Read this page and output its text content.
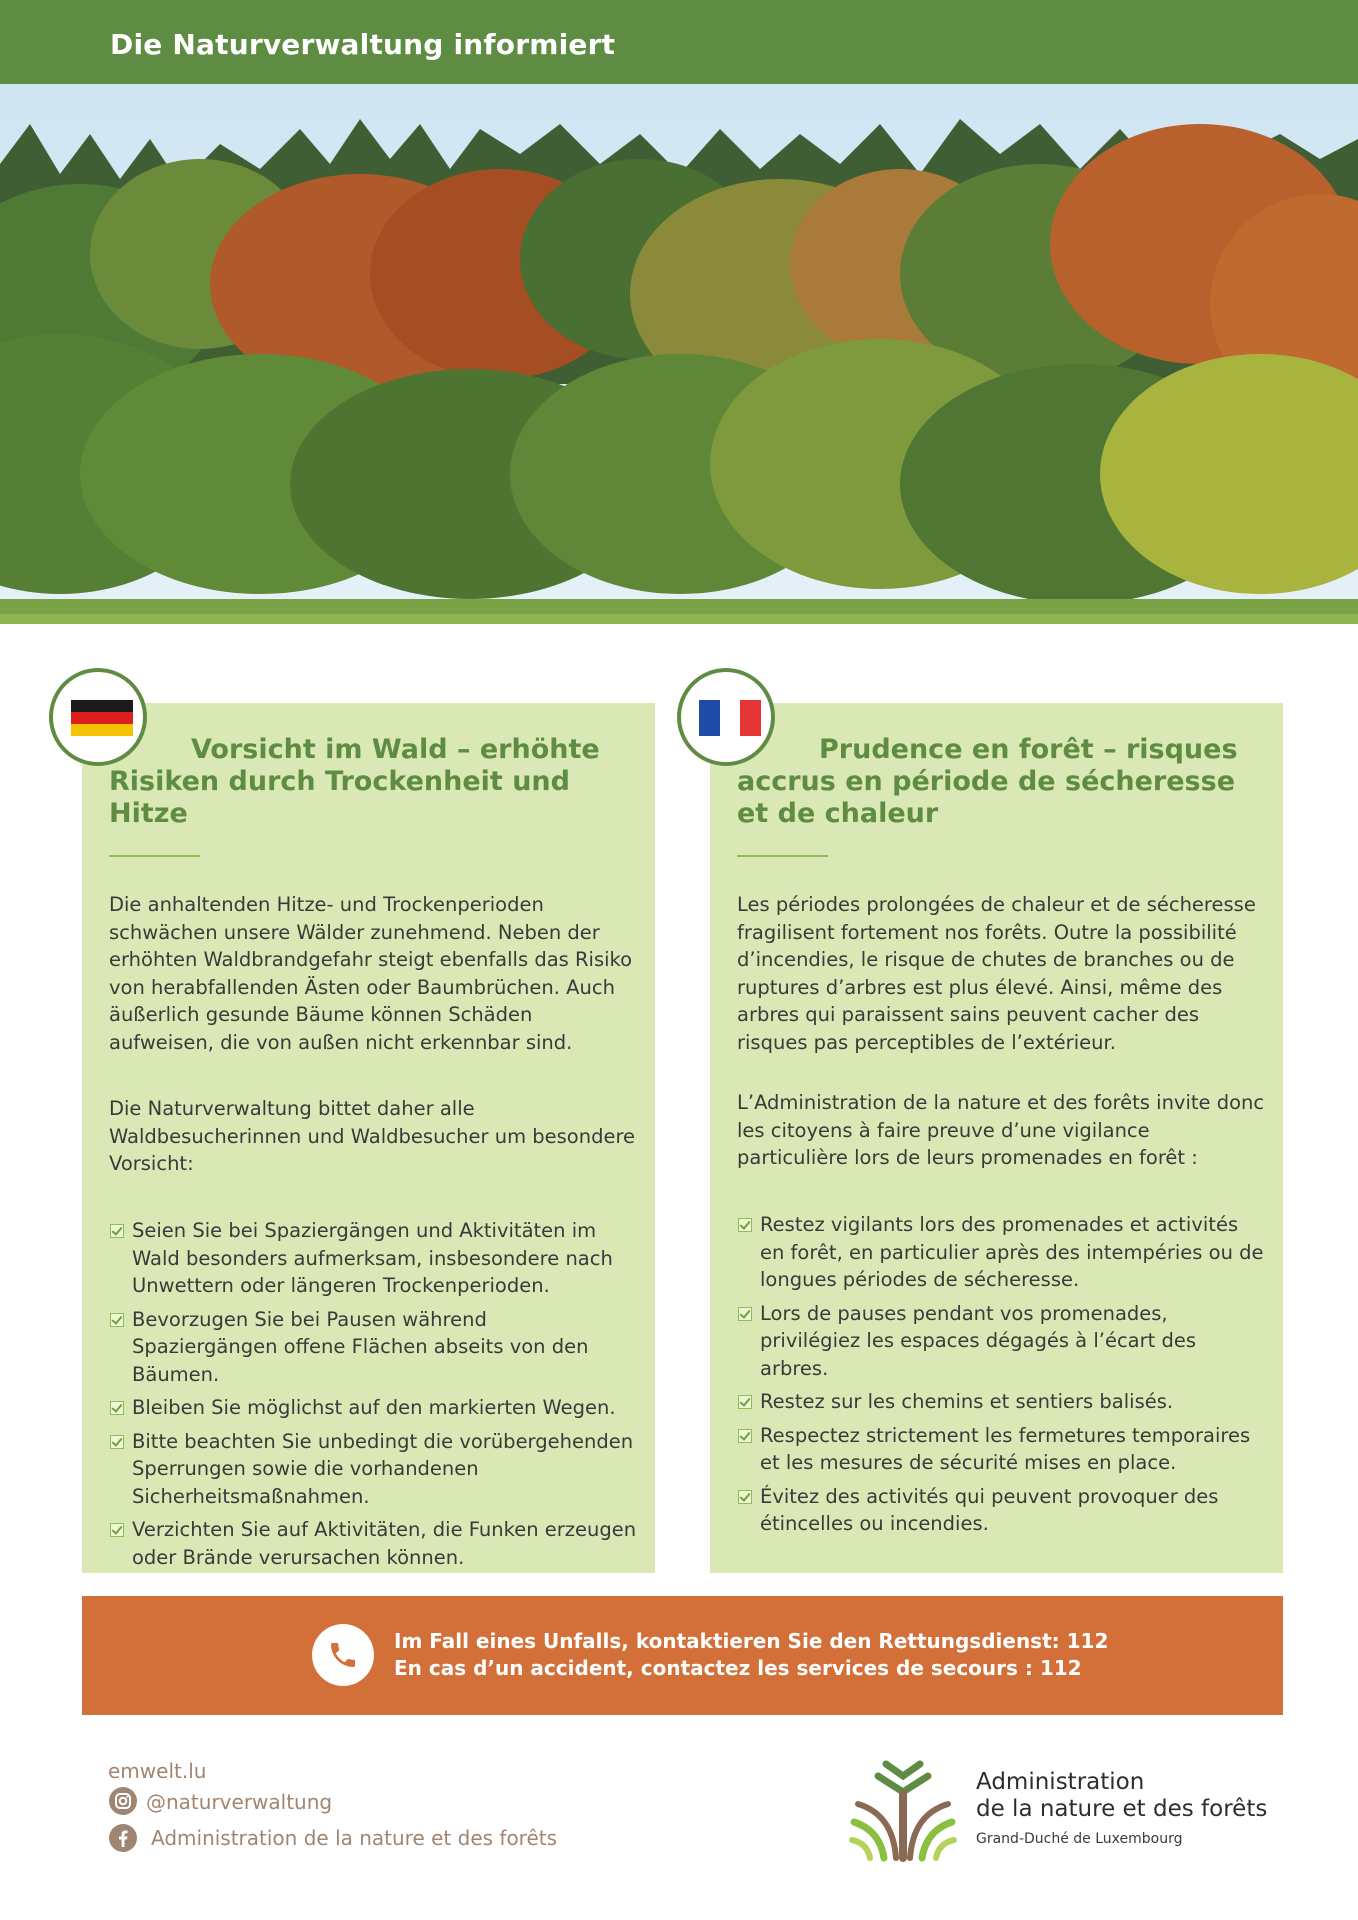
Die Naturverwaltung informiert
Vorsicht im Wald – erhöhte Risiken durch Trockenheit und Hitze
Die anhaltenden Hitze- und Trockenperioden schwächen unsere Wälder zunehmend. Neben der erhöhten Waldbrandgefahr steigt ebenfalls das Risiko von herabfallenden Ästen oder Baumbrüchen. Auch äußerlich gesunde Bäume können Schäden aufweisen, die von außen nicht erkennbar sind.
Die Naturverwaltung bittet daher alle Waldbesucherinnen und Waldbesucher um besondere Vorsicht:
Seien Sie bei Spaziergängen und Aktivitäten im Wald besonders aufmerksam, insbesondere nach Unwettern oder längeren Trockenperioden.
Bevorzugen Sie bei Pausen während Spaziergängen offene Flächen abseits von den Bäumen.
Bleiben Sie möglichst auf den markierten Wegen.
Bitte beachten Sie unbedingt die vorübergehenden Sperrungen sowie die vorhandenen Sicherheitsmaßnahmen.
Verzichten Sie auf Aktivitäten, die Funken erzeugen oder Brände verursachen können.
Prudence en forêt – risques accrus en période de sécheresse et de chaleur
Les périodes prolongées de chaleur et de sécheresse fragilisent fortement nos forêts. Outre la possibilité d’incendies, le risque de chutes de branches ou de ruptures d’arbres est plus élevé. Ainsi, même des arbres qui paraissent sains peuvent cacher des risques pas perceptibles de l’extérieur.
L’Administration de la nature et des forêts invite donc les citoyens à faire preuve d’une vigilance particulière lors de leurs promenades en forêt :
Restez vigilants lors des promenades et activités en forêt, en particulier après des intempéries ou de longues périodes de sécheresse.
Lors de pauses pendant vos promenades, privilégiez les espaces dégagés à l’écart des arbres.
Restez sur les chemins et sentiers balisés.
Respectez strictement les fermetures temporaires et les mesures de sécurité mises en place.
Évitez des activités qui peuvent provoquer des étincelles ou incendies.
Im Fall eines Unfalls, kontaktieren Sie den Rettungsdienst: 112
En cas d’un accident, contactez les services de secours : 112
emwelt.lu
@naturverwaltung
Administration de la nature et des forêts
Administration
de la nature et des forêts
Grand-Duché de Luxembourg
